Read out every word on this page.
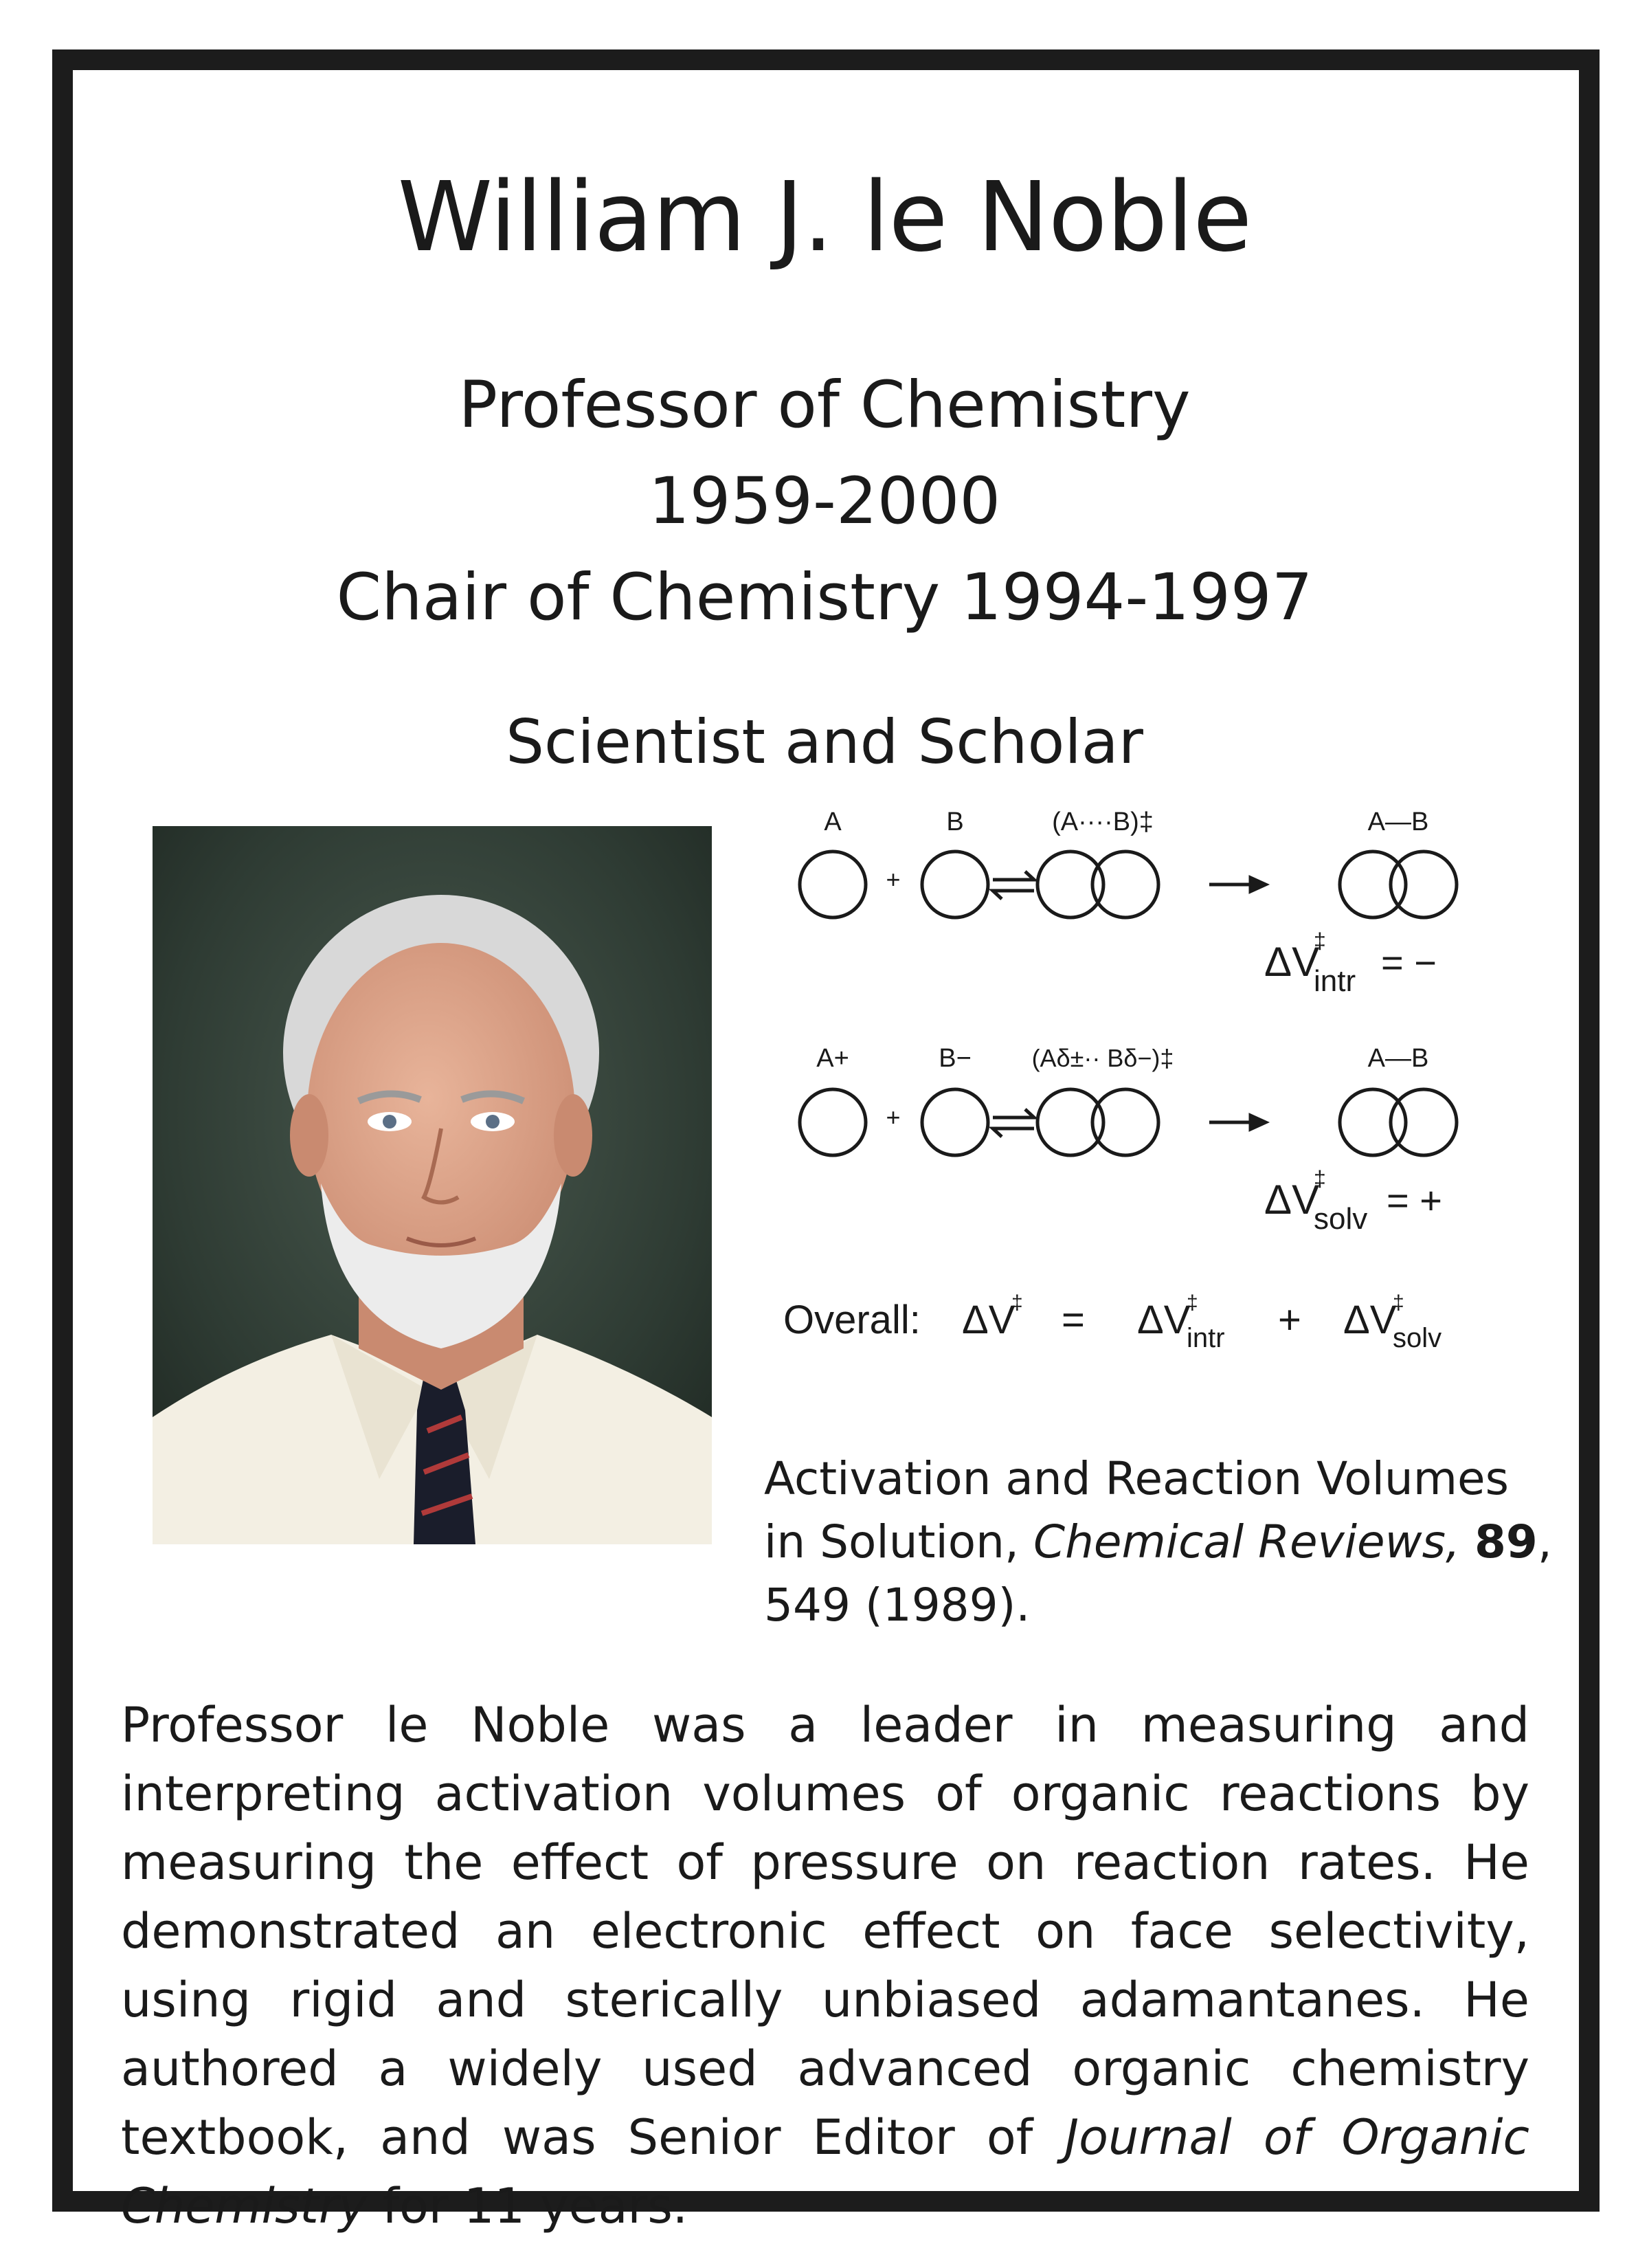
William J. le Noble

Professor of Chemistry

1959-2000

Chair of Chemistry 1994-1997

Scientist and Scholar

A	B	(A····B)‡	A—B
+
A+	B− (Aδ±·· Bδ−)‡	A—B
+
ΔV
‡
intr = −
ΔV
‡
solv = +
Overall: ΔV
‡ = ΔV
‡
intr + ΔV
‡
solv

Activation and Reaction Volumes in Solution, Chemical Reviews, 89, 549 (1989).

Professor le Noble was a leader in measuring and interpreting activation volumes of organic reactions by measuring the effect of pressure on reaction rates. He demonstrated an electronic effect on face selectivity, using rigid and sterically unbiased adamantanes. He authored a widely used advanced organic chemistry textbook, and was Senior Editor of Journal of Organic Chemistry for 11 years.
